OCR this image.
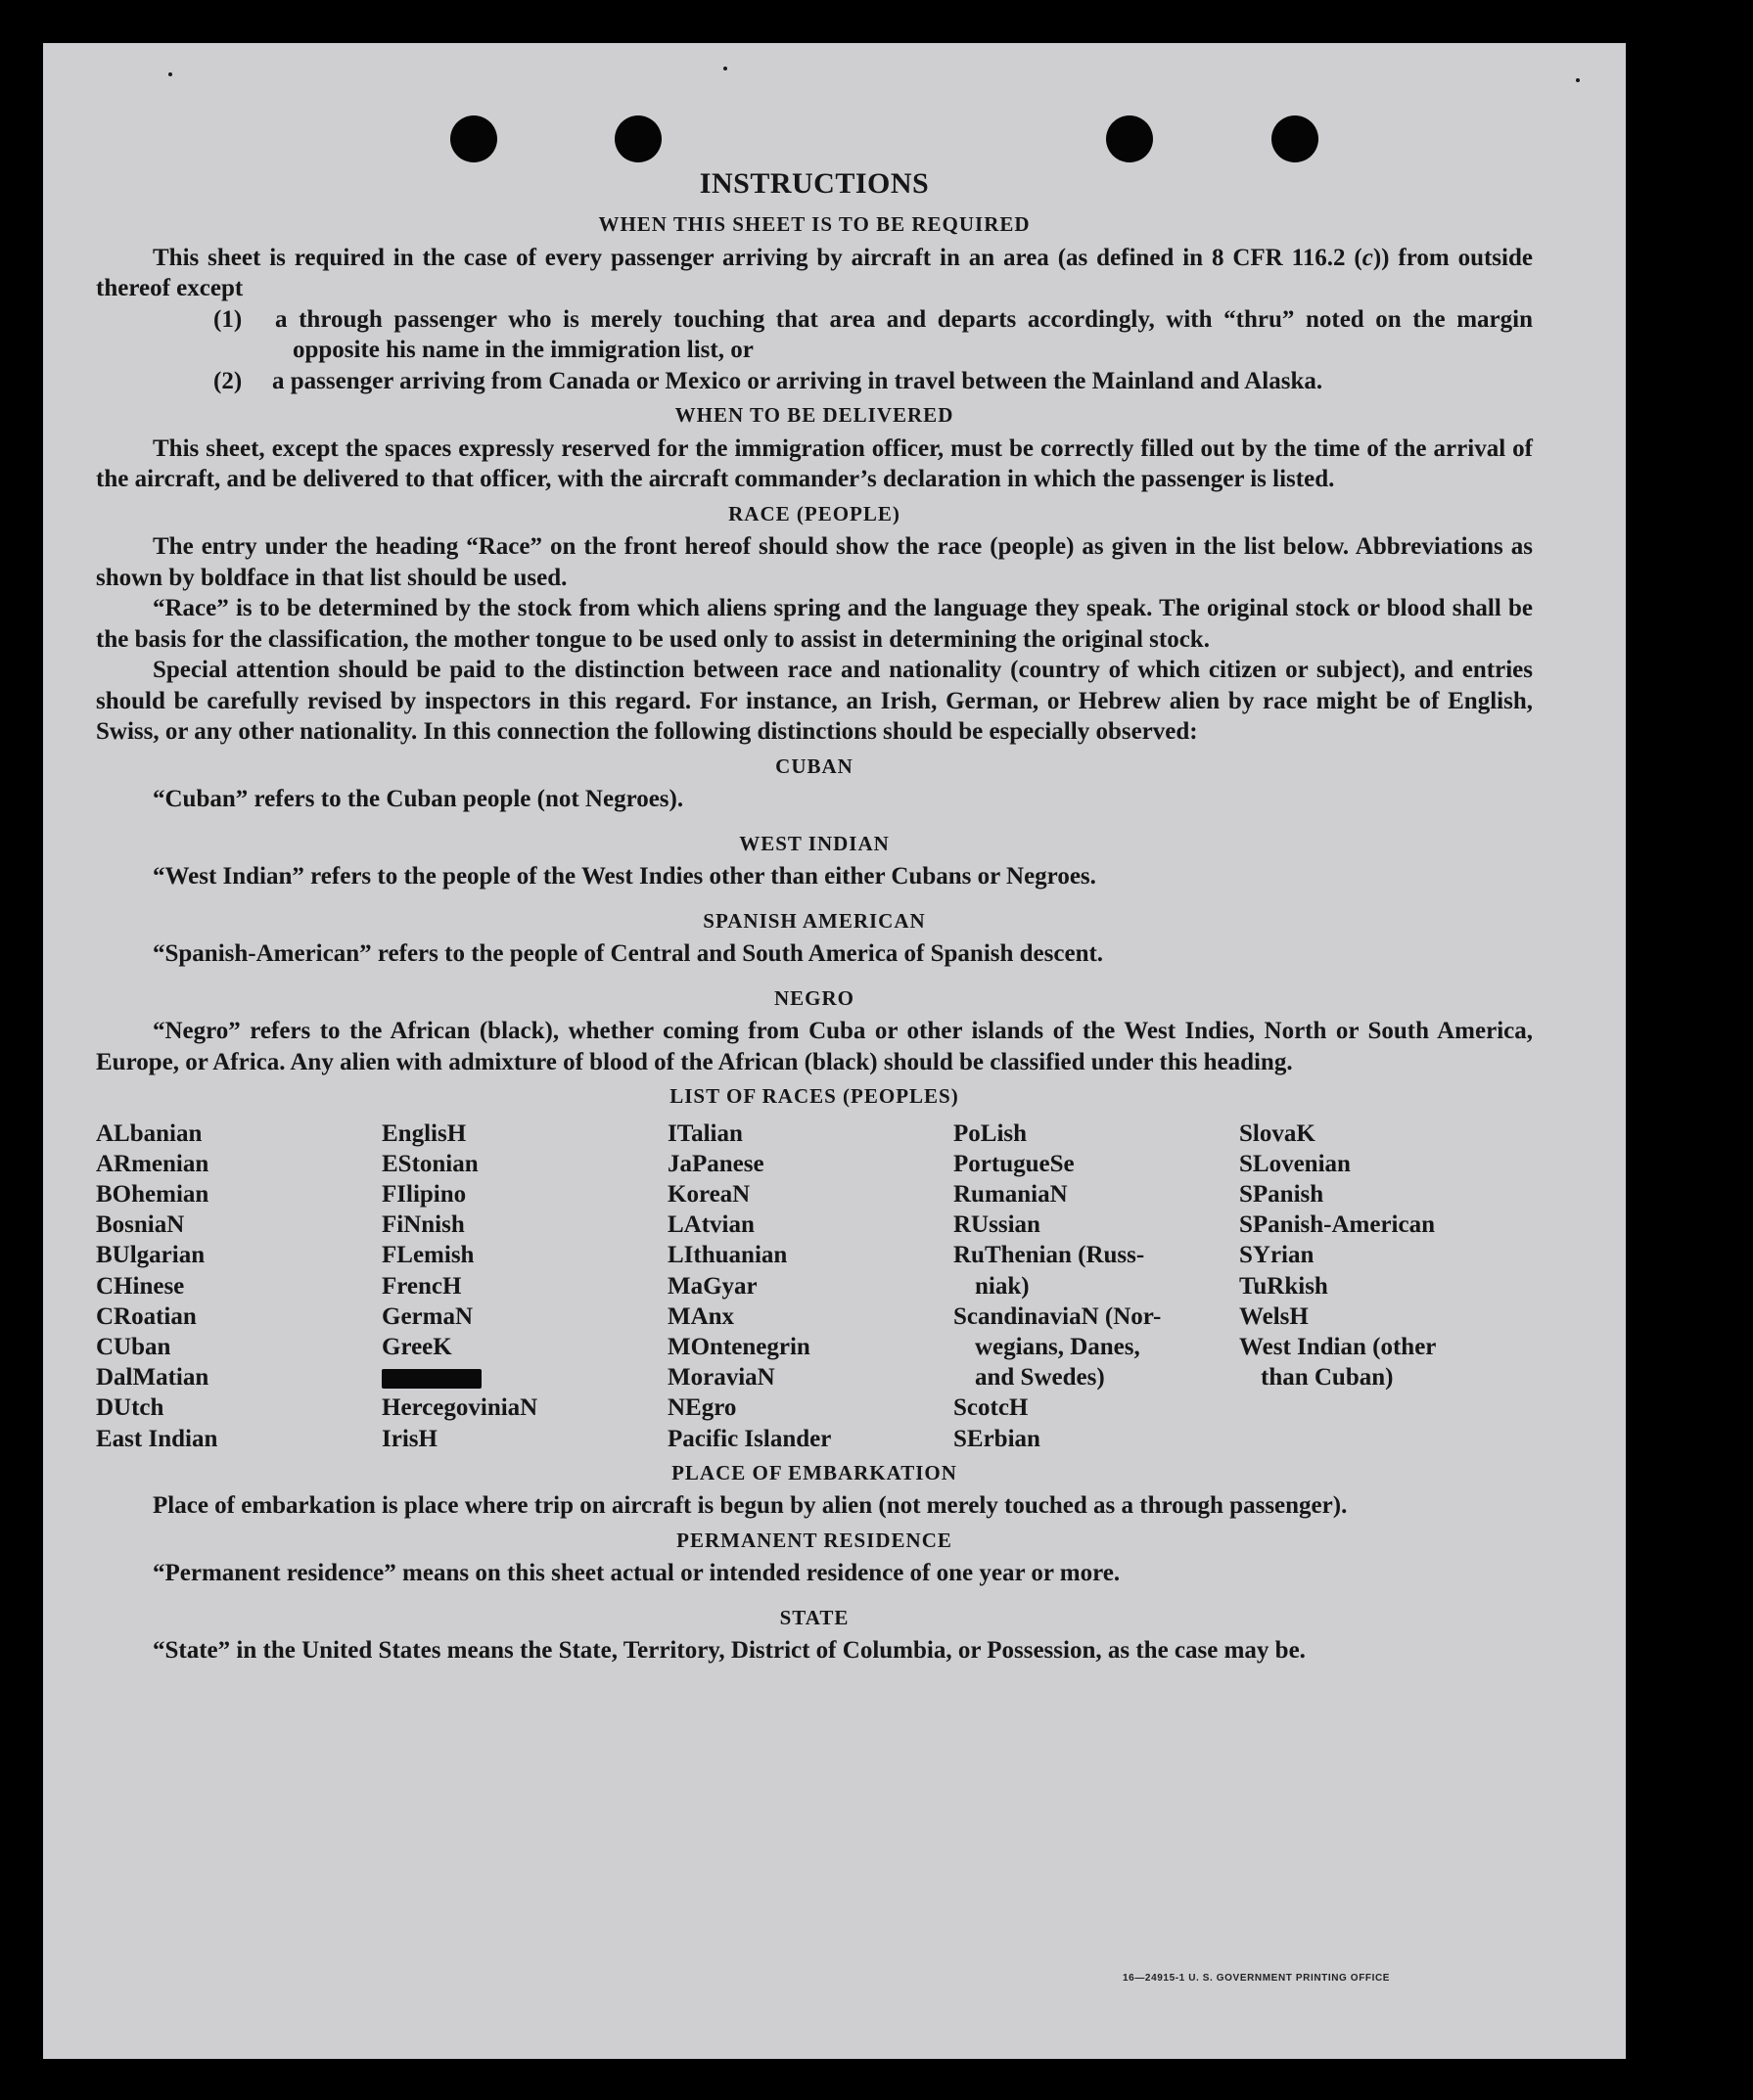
INSTRUCTIONS
WHEN THIS SHEET IS TO BE REQUIRED

This sheet is required in the case of every passenger arriving by aircraft in an area (as defined in 8 CFR 116.2 (c)) from outside thereof except

(1) a through passenger who is merely touching that area and departs accordingly, with “thru” noted on the margin opposite his name in the immigration list, or

(2) a passenger arriving from Canada or Mexico or arriving in travel between the Mainland and Alaska.

WHEN TO BE DELIVERED

This sheet, except the spaces expressly reserved for the immigration officer, must be correctly filled out by the time of the arrival of the aircraft, and be delivered to that officer, with the aircraft commander’s declaration in which the passenger is listed.

RACE (PEOPLE)

The entry under the heading “Race” on the front hereof should show the race (people) as given in the list below. Abbreviations as shown by boldface in that list should be used.

“Race” is to be determined by the stock from which aliens spring and the language they speak. The original stock or blood shall be the basis for the classification, the mother tongue to be used only to assist in determining the original stock.

Special attention should be paid to the distinction between race and nationality (country of which citizen or subject), and entries should be carefully revised by inspectors in this regard. For instance, an Irish, German, or Hebrew alien by race might be of English, Swiss, or any other nationality. In this connection the following distinctions should be especially observed:

CUBAN

“Cuban” refers to the Cuban people (not Negroes).

WEST INDIAN

“West Indian” refers to the people of the West Indies other than either Cubans or Negroes.

SPANISH AMERICAN

“Spanish-American” refers to the people of Central and South America of Spanish descent.

NEGRO

“Negro” refers to the African (black), whether coming from Cuba or other islands of the West Indies, North or South America, Europe, or Africa. Any alien with admixture of blood of the African (black) should be classified under this heading.

LIST OF RACES (PEOPLES)
ALbanian
ARmenian
BOhemian
BosniaN
BUlgarian
CHinese
CRoatian
CUban
DalMatian
DUtch
East Indian
EnglisH
EStonian
FIlipino
FiNnish
FLemish
FrencH
GermaN
GreeK
HercegoviniaN
IrisH
ITalian
JaPanese
KoreaN
LAtvian
LIthuanian
MaGyar
MAnx
MOntenegrin
MoraviaN
NEgro
Pacific Islander
PoLish
PortugueSe
RumaniaN
RUssian
RuThenian (Russ-
niak)
ScandinaviaN (Nor-
wegians, Danes,
and Swedes)
ScotcH
SErbian
SlovaK
SLovenian
SPanish
SPanish-American
SYrian
TuRkish
WelsH
West Indian (other
than Cuban)
PLACE OF EMBARKATION

Place of embarkation is place where trip on aircraft is begun by alien (not merely touched as a through passenger).

PERMANENT RESIDENCE

“Permanent residence” means on this sheet actual or intended residence of one year or more.

STATE

“State” in the United States means the State, Territory, District of Columbia, or Possession, as the case may be.

16—24915-1 U. S. GOVERNMENT PRINTING OFFICE
